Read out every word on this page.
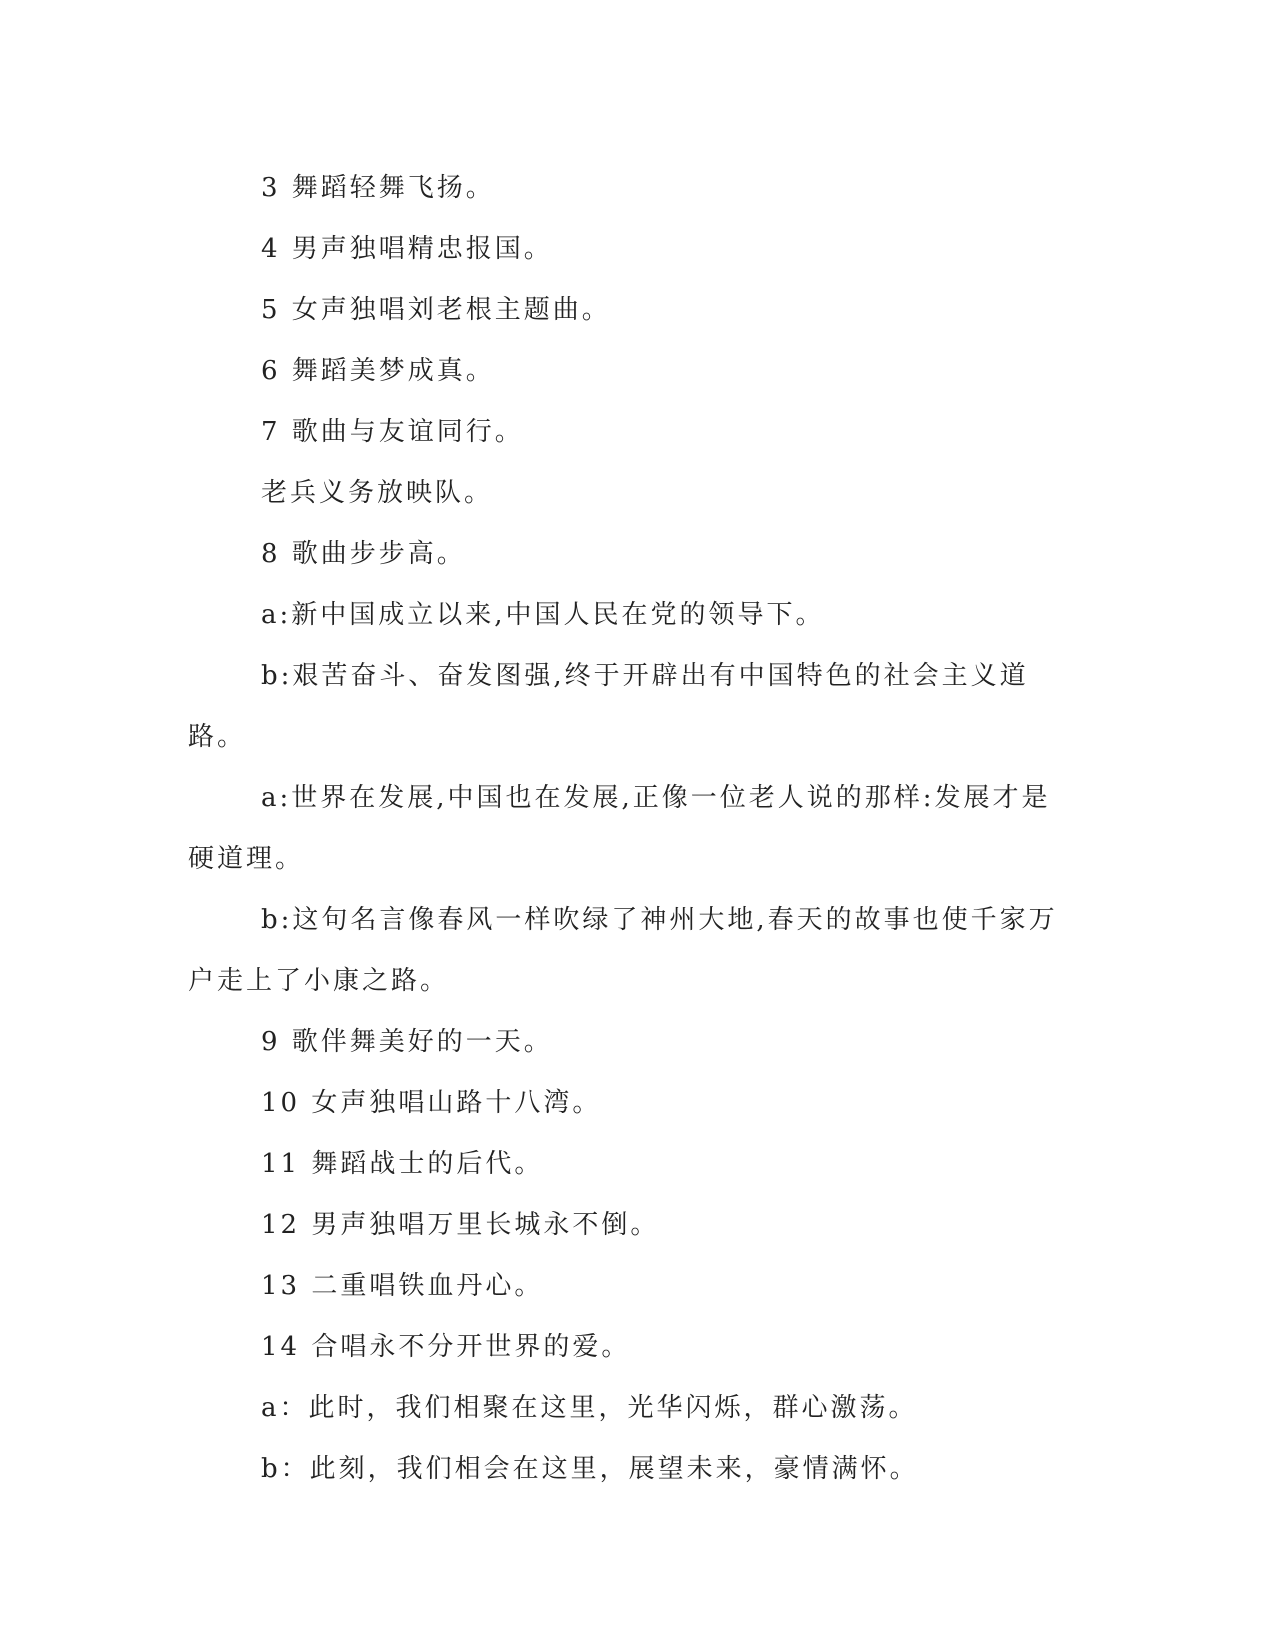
3 舞蹈轻舞飞扬。

4 男声独唱精忠报国。

5 女声独唱刘老根主题曲。

6 舞蹈美梦成真。

7 歌曲与友谊同行。

老兵义务放映队。

8 歌曲步步高。

a:新中国成立以来,中国人民在党的领导下。

b:艰苦奋斗、奋发图强,终于开辟出有中国特色的社会主义道路。

a:世界在发展,中国也在发展,正像一位老人说的那样:发展才是硬道理。

b:这句名言像春风一样吹绿了神州大地,春天的故事也使千家万户走上了小康之路。

9 歌伴舞美好的一天。

10 女声独唱山路十八湾。

11 舞蹈战士的后代。

12 男声独唱万里长城永不倒。

13 二重唱铁血丹心。

14 合唱永不分开世界的爱。

a：此时，我们相聚在这里，光华闪烁，群心激荡。

b：此刻，我们相会在这里，展望未来，豪情满怀。
